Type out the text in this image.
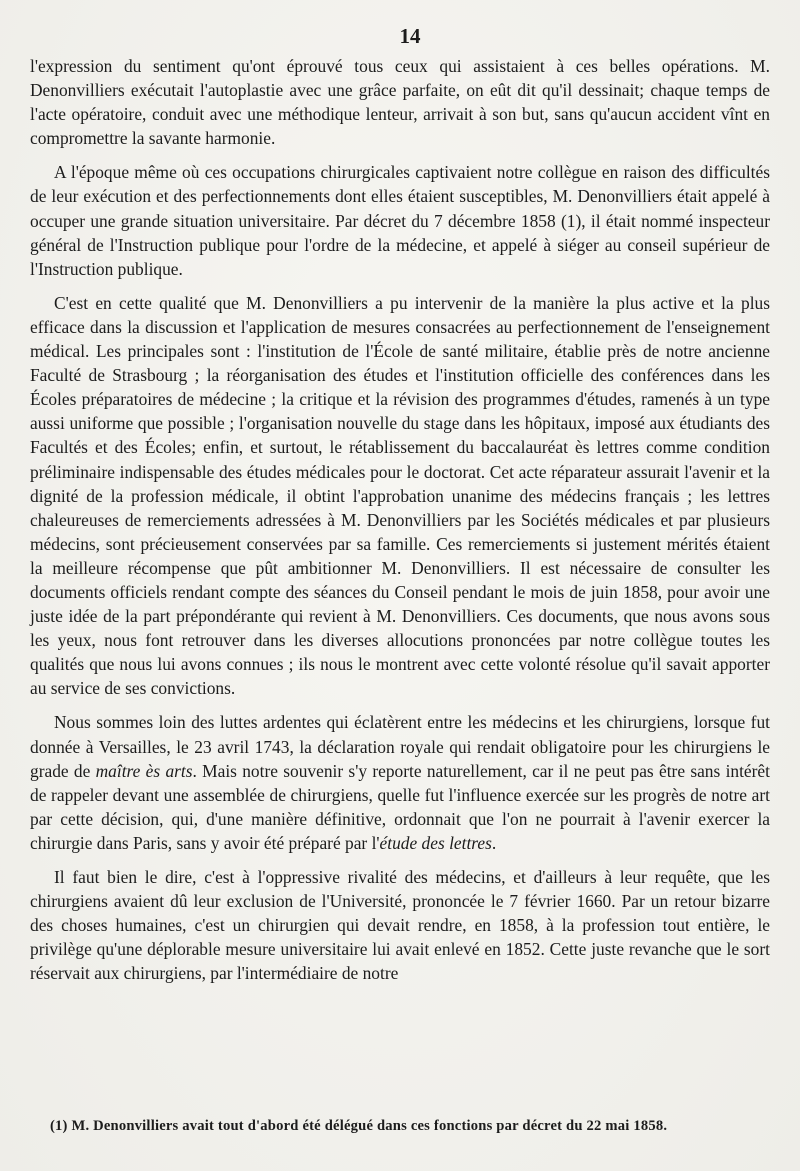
14

l'expression du sentiment qu'ont éprouvé tous ceux qui assistaient à ces belles opérations. M. Denonvilliers exécutait l'autoplastie avec une grâce parfaite, on eût dit qu'il dessinait; chaque temps de l'acte opératoire, conduit avec une méthodique lenteur, arrivait à son but, sans qu'aucun accident vînt en compromettre la savante harmonie.

A l'époque même où ces occupations chirurgicales captivaient notre collègue en raison des difficultés de leur exécution et des perfectionnements dont elles étaient susceptibles, M. Denonvilliers était appelé à occuper une grande situation universitaire. Par décret du 7 décembre 1858 (1), il était nommé inspecteur général de l'Instruction publique pour l'ordre de la médecine, et appelé à siéger au conseil supérieur de l'Instruction publique.

C'est en cette qualité que M. Denonvilliers a pu intervenir de la manière la plus active et la plus efficace dans la discussion et l'application de mesures consacrées au perfectionnement de l'enseignement médical. Les principales sont : l'institution de l'École de santé militaire, établie près de notre ancienne Faculté de Strasbourg ; la réorganisation des études et l'institution officielle des conférences dans les Écoles préparatoires de médecine ; la critique et la révision des programmes d'études, ramenés à un type aussi uniforme que possible ; l'organisation nouvelle du stage dans les hôpitaux, imposé aux étudiants des Facultés et des Écoles; enfin, et surtout, le rétablissement du baccalauréat ès lettres comme condition préliminaire indispensable des études médicales pour le doctorat. Cet acte réparateur assurait l'avenir et la dignité de la profession médicale, il obtint l'approbation unanime des médecins français ; les lettres chaleureuses de remerciements adressées à M. Denonvilliers par les Sociétés médicales et par plusieurs médecins, sont précieusement conservées par sa famille. Ces remerciements si justement mérités étaient la meilleure récompense que pût ambitionner M. Denonvilliers. Il est nécessaire de consulter les documents officiels rendant compte des séances du Conseil pendant le mois de juin 1858, pour avoir une juste idée de la part prépondérante qui revient à M. Denonvilliers. Ces documents, que nous avons sous les yeux, nous font retrouver dans les diverses allocutions prononcées par notre collègue toutes les qualités que nous lui avons connues ; ils nous le montrent avec cette volonté résolue qu'il savait apporter au service de ses convictions.

Nous sommes loin des luttes ardentes qui éclatèrent entre les médecins et les chirurgiens, lorsque fut donnée à Versailles, le 23 avril 1743, la déclaration royale qui rendait obligatoire pour les chirurgiens le grade de maître ès arts. Mais notre souvenir s'y reporte naturellement, car il ne peut pas être sans intérêt de rappeler devant une assemblée de chirurgiens, quelle fut l'influence exercée sur les progrès de notre art par cette décision, qui, d'une manière définitive, ordonnait que l'on ne pourrait à l'avenir exercer la chirurgie dans Paris, sans y avoir été préparé par l'étude des lettres.

Il faut bien le dire, c'est à l'oppressive rivalité des médecins, et d'ailleurs à leur requête, que les chirurgiens avaient dû leur exclusion de l'Université, prononcée le 7 février 1660. Par un retour bizarre des choses humaines, c'est un chirurgien qui devait rendre, en 1858, à la profession tout entière, le privilège qu'une déplorable mesure universitaire lui avait enlevé en 1852. Cette juste revanche que le sort réservait aux chirurgiens, par l'intermédiaire de notre

(1) M. Denonvilliers avait tout d'abord été délégué dans ces fonctions par décret du 22 mai 1858.
